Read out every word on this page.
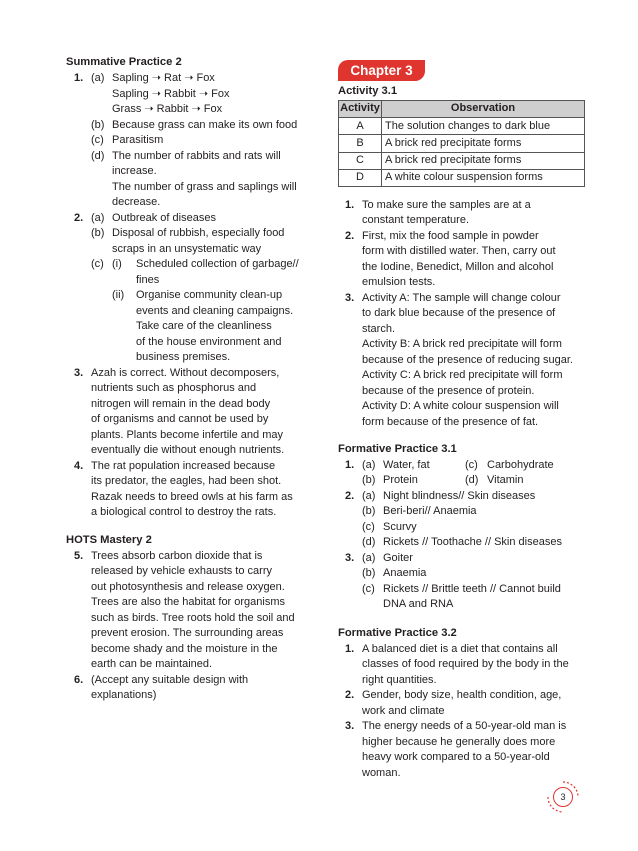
Summative Practice 2
1. (a) Sapling ➝ Rat ➝ Fox
Sapling ➝ Rabbit ➝ Fox
Grass ➝ Rabbit ➝ Fox
(b) Because grass can make its own food
(c) Parasitism
(d) The number of rabbits and rats will
increase.
The number of grass and saplings will
decrease.
2. (a) Outbreak of diseases
(b) Disposal of rubbish, especially food
scraps in an unsystematic way
(c) (i) Scheduled collection of garbage//
fines
(ii) Organise community clean-up
events and cleaning campaigns.
Take care of the cleanliness
of the house environment and
business premises.
3. Azah is correct. Without decomposers,
nutrients such as phosphorus and
nitrogen will remain in the dead body
of organisms and cannot be used by
plants. Plants become infertile and may
eventually die without enough nutrients.
4. The rat population increased because
its predator, the eagles, had been shot.
Razak needs to breed owls at his farm as
a biological control to destroy the rats.
HOTS Mastery 2
5. Trees absorb carbon dioxide that is
released by vehicle exhausts to carry
out photosynthesis and release oxygen.
Trees are also the habitat for organisms
such as birds. Tree roots hold the soil and
prevent erosion. The surrounding areas
become shady and the moisture in the
earth can be maintained.
6. (Accept any suitable design with
explanations)
Chapter 3
Activity 3.1
Activity	Observation
A	The solution changes to dark blue
B	A brick red precipitate forms
C	A brick red precipitate forms
D	A white colour suspension forms
1. To make sure the samples are at a
constant temperature.
2. First, mix the food sample in powder
form with distilled water. Then, carry out
the Iodine, Benedict, Millon and alcohol
emulsion tests.
3. Activity A: The sample will change colour
to dark blue because of the presence of
starch.
Activity B: A brick red precipitate will form
because of the presence of reducing sugar.
Activity C: A brick red precipitate will form
because of the presence of protein.
Activity D: A white colour suspension will
form because of the presence of fat.
Formative Practice 3.1
1. (a) Water, fat	(c) Carbohydrate
(b) Protein	(d) Vitamin
2. (a) Night blindness// Skin diseases
(b) Beri-beri// Anaemia
(c) Scurvy
(d) Rickets // Toothache // Skin diseases
3. (a) Goiter
(b) Anaemia
(c) Rickets // Brittle teeth // Cannot build
DNA and RNA
Formative Practice 3.2
1. A balanced diet is a diet that contains all
classes of food required by the body in the
right quantities.
2. Gender, body size, health condition, age,
work and climate
3. The energy needs of a 50-year-old man is
higher because he generally does more
heavy work compared to a 50-year-old
woman.
3
